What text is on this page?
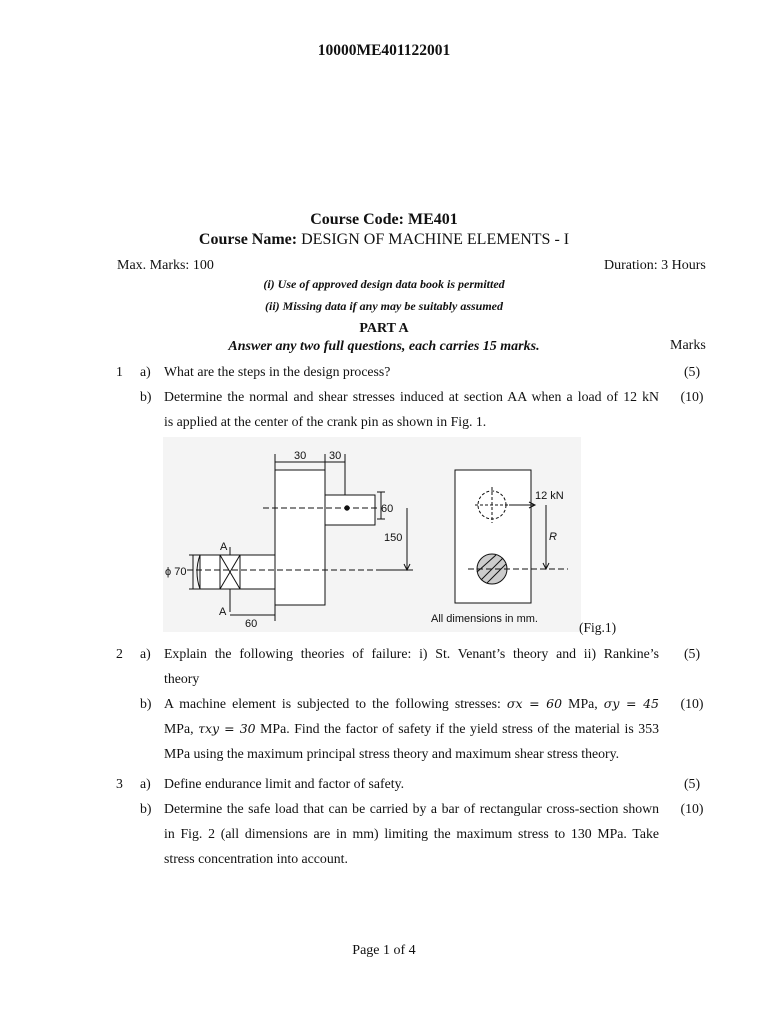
10000ME401122001
Course Code: ME401
Course Name: DESIGN OF MACHINE ELEMENTS - I
Max. Marks: 100	Duration: 3 Hours
(i) Use of approved design data book is permitted
(ii) Missing data if any may be suitably assumed
PART A
Answer any two full questions, each carries 15 marks.	Marks
1 a) What are the steps in the design process?	(5)
b) Determine the normal and shear stresses induced at section AA when a load of 12 kN
is applied at the center of the crank pin as shown in Fig. 1.
(10)
30 30
60
150
ϕ 70
A
A
60
12 kN
R
All dimensions in mm.
(Fig.1)
2 a) Explain the following theories of failure: i) St. Venant’s theory and ii) Rankine’s
theory
(5)
b) A machine element is subjected to the following stresses: σx = 60 MPa, σy = 45
MPa, τxy = 30 MPa. Find the factor of safety if the yield stress of the material is 353
MPa using the maximum principal stress theory and maximum shear stress theory.
(10)
3 a) Define endurance limit and factor of safety.	(5)
b) Determine the safe load that can be carried by a bar of rectangular cross-section shown
in Fig. 2 (all dimensions are in mm) limiting the maximum stress to 130 MPa. Take
stress concentration into account.
(10)
Page 1 of 4
